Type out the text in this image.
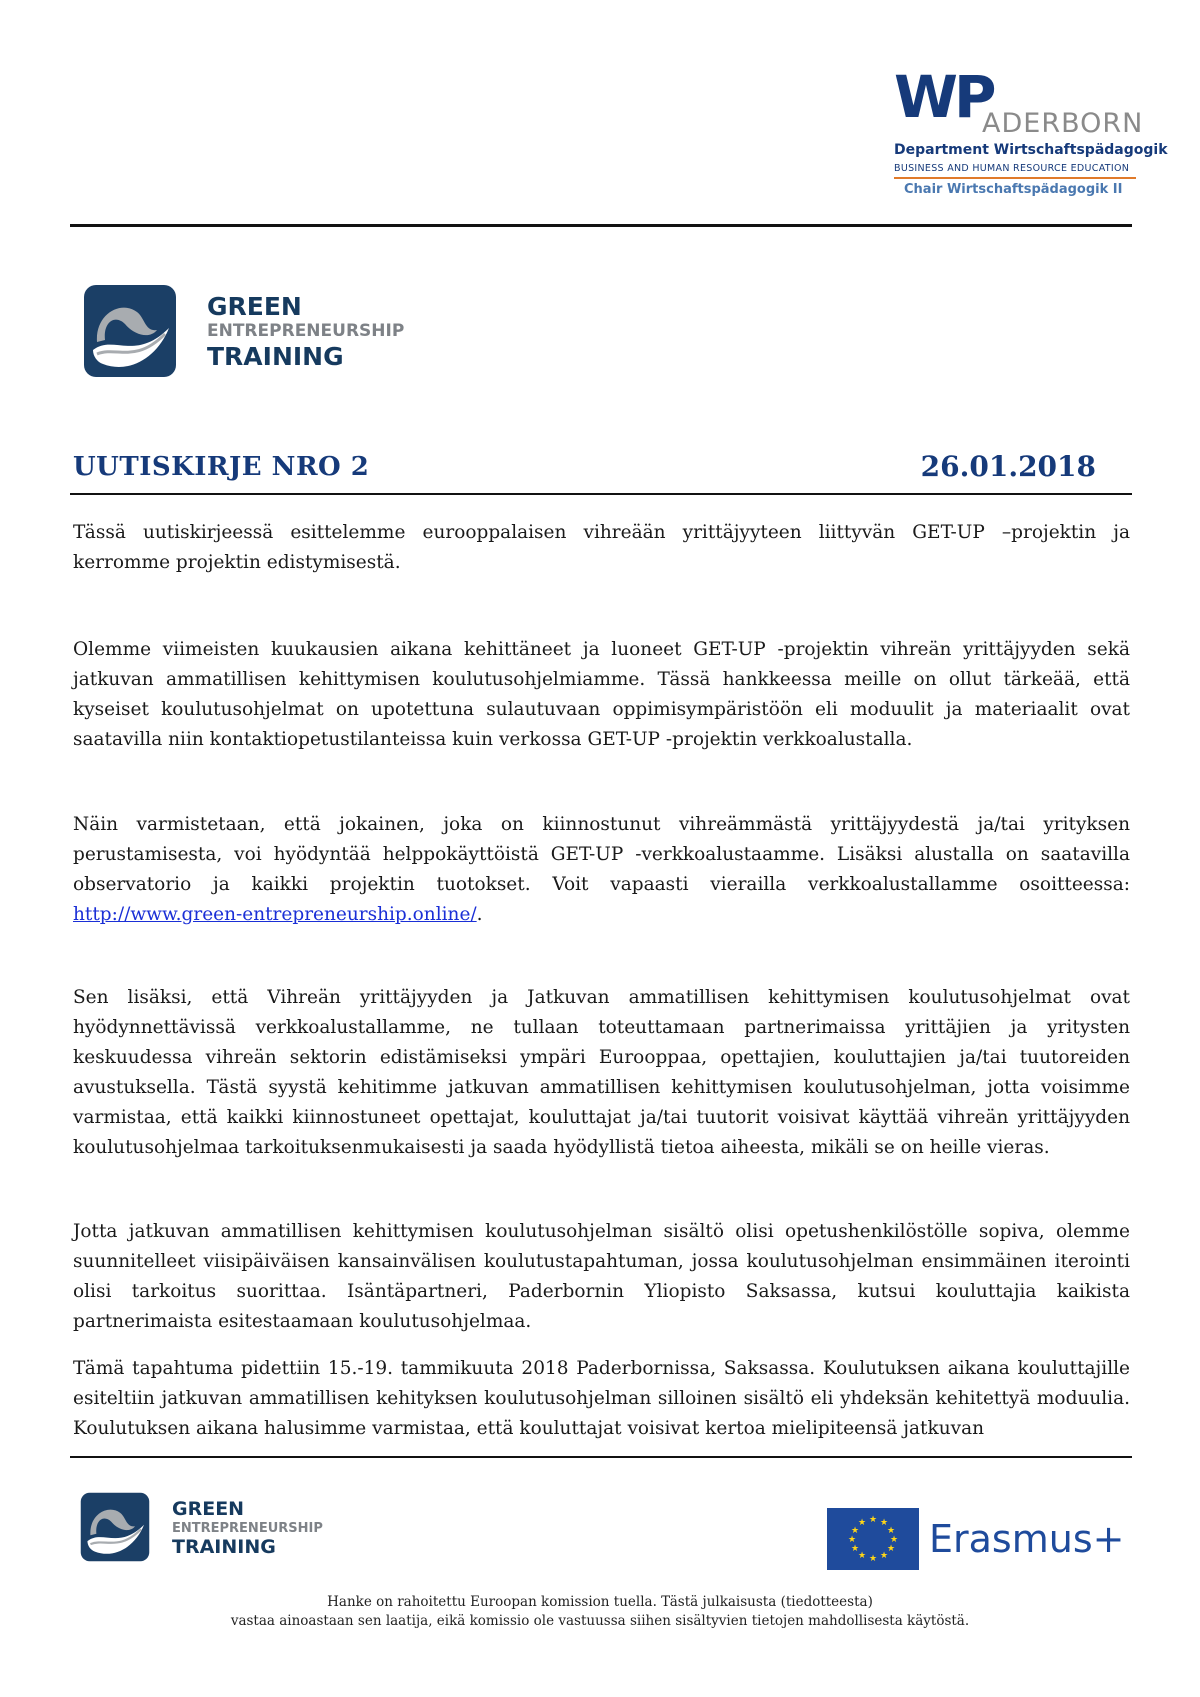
WP
ADERBORN
Department Wirtschaftspädagogik
BUSINESS AND HUMAN RESOURCE EDUCATION
Chair Wirtschaftspädagogik II
GREEN
ENTREPRENEURSHIP
TRAINING
UUTISKIRJE NRO 2	26.01.2018

Tässä uutiskirjeessä esittelemme eurooppalaisen vihreään yrittäjyyteen liittyvän GET-UP –projektin ja kerromme projektin edistymisestä.

Olemme viimeisten kuukausien aikana kehittäneet ja luoneet GET-UP -projektin vihreän yrittäjyyden sekä jatkuvan ammatillisen kehittymisen koulutusohjelmiamme. Tässä hankkeessa meille on ollut tärkeää, että kyseiset koulutusohjelmat on upotettuna sulautuvaan oppimisympäristöön eli moduulit ja materiaalit ovat saatavilla niin kontaktiopetustilanteissa kuin verkossa GET-UP -projektin verkkoalustalla.

Näin varmistetaan, että jokainen, joka on kiinnostunut vihreämmästä yrittäjyydestä ja/tai yrityksen perustamisesta, voi hyödyntää helppokäyttöistä GET-UP -verkkoalustaamme. Lisäksi alustalla on saatavilla observatorio ja kaikki projektin tuotokset. Voit vapaasti vierailla verkkoalustallamme osoitteessa: http://www.green-entrepreneurship.online/.

Sen lisäksi, että Vihreän yrittäjyyden ja Jatkuvan ammatillisen kehittymisen koulutusohjelmat ovat hyödynnettävissä verkkoalustallamme, ne tullaan toteuttamaan partnerimaissa yrittäjien ja yritysten keskuudessa vihreän sektorin edistämiseksi ympäri Eurooppaa, opettajien, kouluttajien ja/tai tuutoreiden avustuksella. Tästä syystä kehitimme jatkuvan ammatillisen kehittymisen koulutusohjelman, jotta voisimme varmistaa, että kaikki kiinnostuneet opettajat, kouluttajat ja/tai tuutorit voisivat käyttää vihreän yrittäjyyden koulutusohjelmaa tarkoituksenmukaisesti ja saada hyödyllistä tietoa aiheesta, mikäli se on heille vieras.

Jotta jatkuvan ammatillisen kehittymisen koulutusohjelman sisältö olisi opetushenkilöstölle sopiva, olemme suunnitelleet viisipäiväisen kansainvälisen koulutustapahtuman, jossa koulutusohjelman ensimmäinen iterointi olisi tarkoitus suorittaa. Isäntäpartneri, Paderbornin Yliopisto Saksassa, kutsui kouluttajia kaikista partnerimaista esitestaamaan koulutusohjelmaa.

Tämä tapahtuma pidettiin 15.-19. tammikuuta 2018 Paderbornissa, Saksassa. Koulutuksen aikana kouluttajille esiteltiin jatkuvan ammatillisen kehityksen koulutusohjelman silloinen sisältö eli yhdeksän kehitettyä moduulia. Koulutuksen aikana halusimme varmistaa, että kouluttajat voisivat kertoa mielipiteensä jatkuvan

GREEN
ENTREPRENEURSHIP
TRAINING
★ ★
★
★
★
★
★
★
★
★
★
★ Erasmus+
Hanke on rahoitettu Euroopan komission tuella. Tästä julkaisusta (tiedotteesta)
vastaa ainoastaan sen laatija, eikä komissio ole vastuussa siihen sisältyvien tietojen mahdollisesta käytöstä.
